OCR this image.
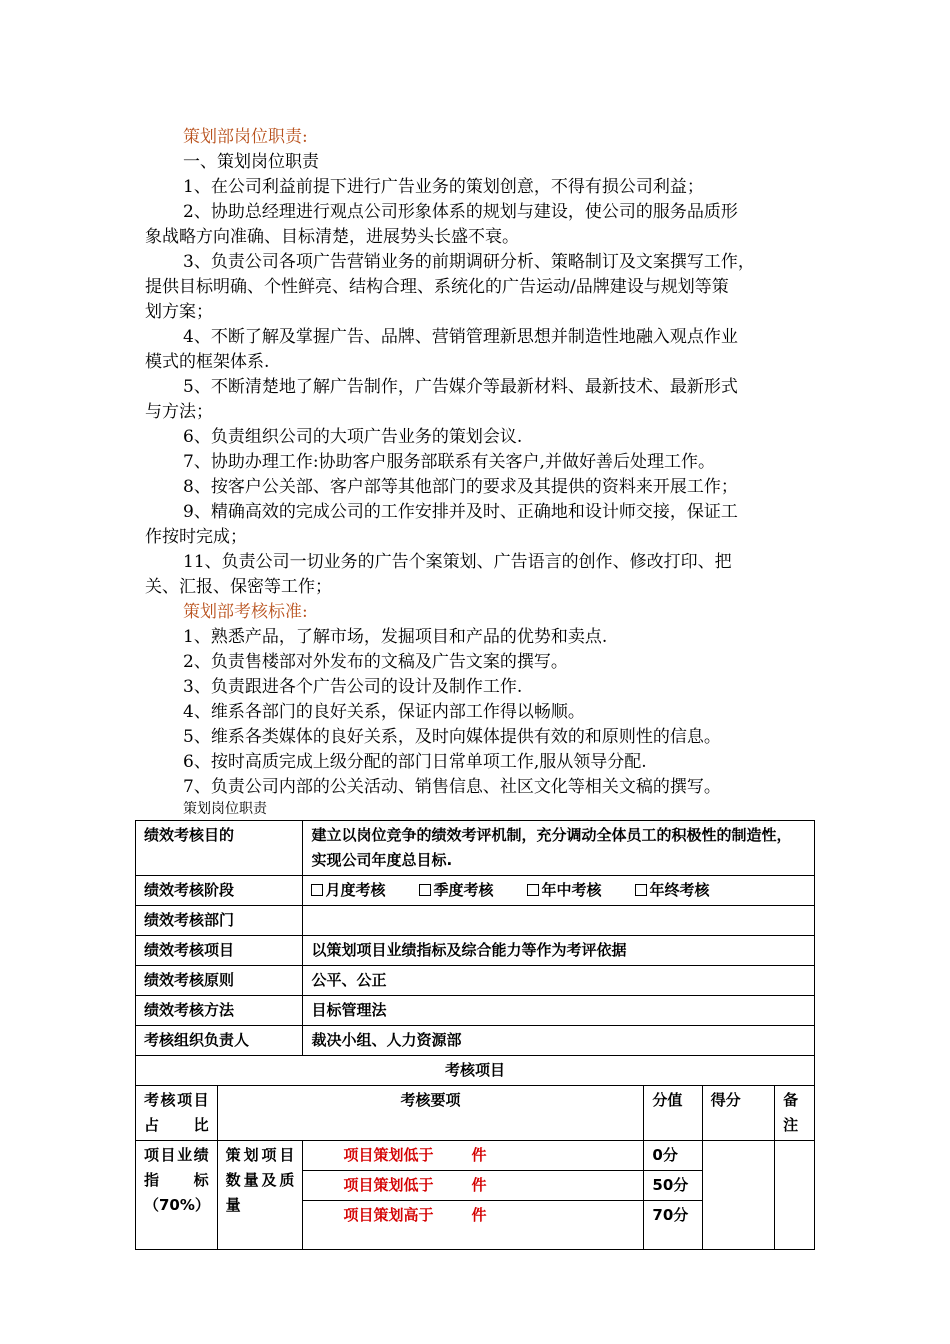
策划部岗位职责:
一、策划岗位职责
1、在公司利益前提下进行广告业务的策划创意，不得有损公司利益；
2、协助总经理进行观点公司形象体系的规划与建设，使公司的服务品质形
象战略方向准确、目标清楚，进展势头长盛不衰。
3、负责公司各项广告营销业务的前期调研分析、策略制订及文案撰写工作，
提供目标明确、个性鲜亮、结构合理、系统化的广告运动/品牌建设与规划等策
划方案；
4、不断了解及掌握广告、品牌、营销管理新思想并制造性地融入观点作业
模式的框架体系.
5、不断清楚地了解广告制作，广告媒介等最新材料、最新技术、最新形式
与方法；
6、负责组织公司的大项广告业务的策划会议.
7、协助办理工作:协助客户服务部联系有关客户,并做好善后处理工作。
8、按客户公关部、客户部等其他部门的要求及其提供的资料来开展工作；
9、精确高效的完成公司的工作安排并及时、正确地和设计师交接，保证工
作按时完成；
11、负责公司一切业务的广告个案策划、广告语言的创作、修改打印、把
关、汇报、保密等工作；
策划部考核标准:
1、熟悉产品，了解市场，发掘项目和产品的优势和卖点.
2、负责售楼部对外发布的文稿及广告文案的撰写。
3、负责跟进各个广告公司的设计及制作工作.
4、维系各部门的良好关系，保证内部工作得以畅顺。
5、维系各类媒体的良好关系，及时向媒体提供有效的和原则性的信息。
6、按时高质完成上级分配的部门日常单项工作,服从领导分配.
7、负责公司内部的公关活动、销售信息、社区文化等相关文稿的撰写。
策划岗位职责
绩效考核目的		建立以岗位竞争的绩效考评机制，充分调动全体员工的积极性的制造性，实现公司年度总目标.			
绩效考核阶段		月度考核 季度考核 年中考核 年终考核			
绩效考核部门					
绩效考核项目		以策划项目业绩指标及综合能力等作为考评依据			
绩效考核原则		公平、公正			
绩效考核方法		目标管理法			
考核组织负责人		裁决小组、人力资源部			
考核项目					
考核项目占比	考核要项		分值	得分	备注
项目业绩指标（70%）	策划项目数量及质量	项目策划低于 件	0分		
		项目策划低于 件	50分		
		项目策划高于 件	70分		
